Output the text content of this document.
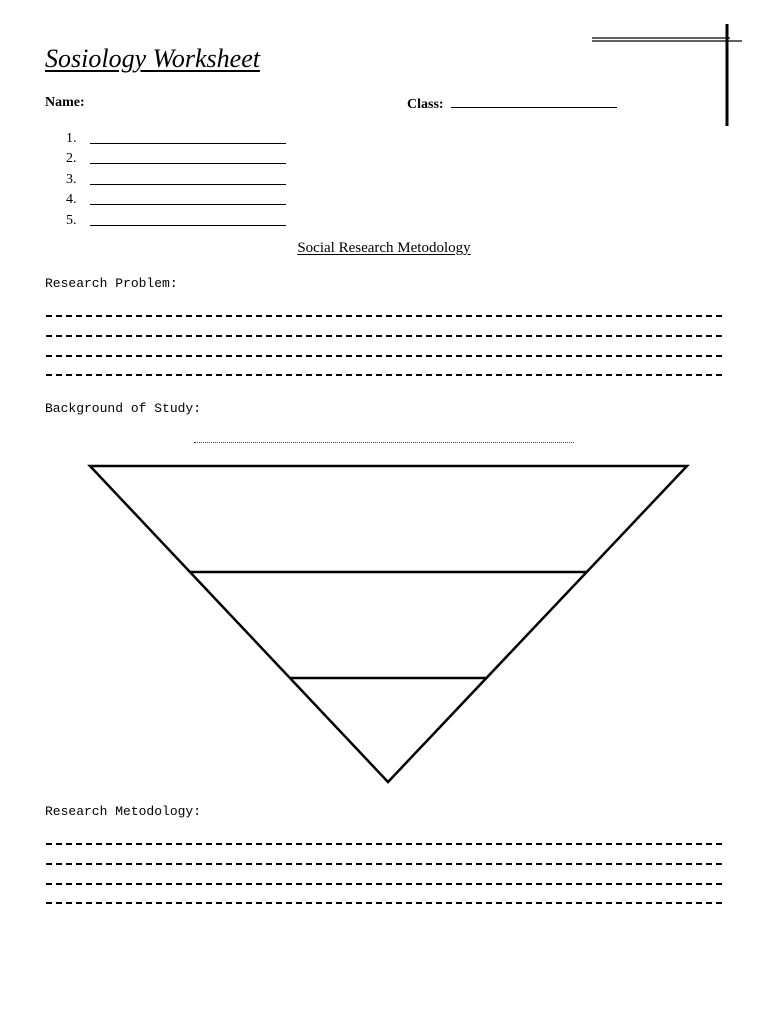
Sosiology Worksheet
Name:	Class:
1.
2.
3.
4.
5.
Social Research Metodology
Research Problem:
Background of Study:
Research Metodology:
